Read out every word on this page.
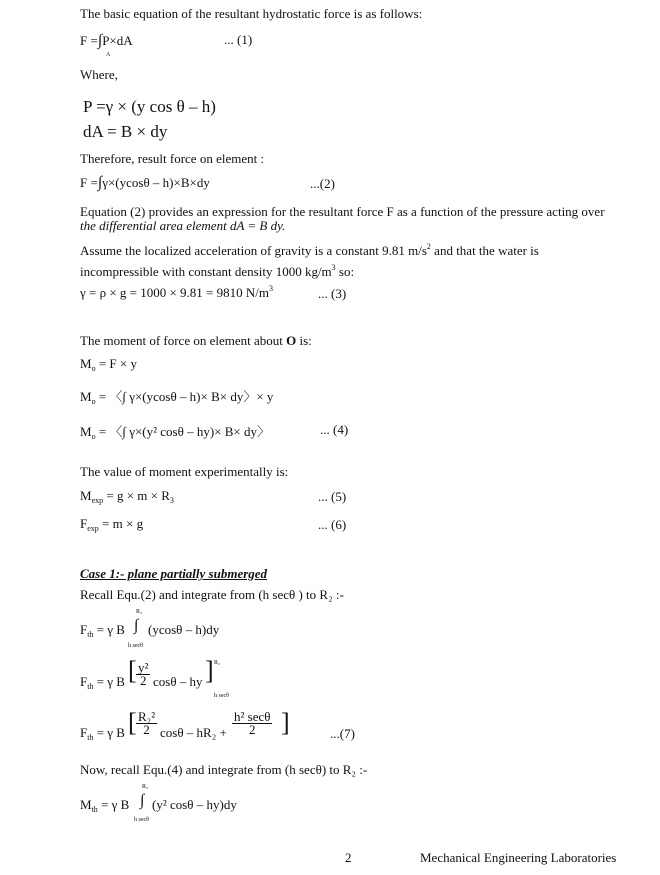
The basic equation of the resultant hydrostatic force is as follows:
F =∫P×dA
A
... (1)
Where,
P =γ × (y cos θ – h)
dA = B × dy
Therefore, result force on element :
F =∫γ×(ycosθ – h)×B×dy	...(2)
Equation (2) provides an expression for the resultant force F as a function of the pressure acting over
the differential area element dA = B dy.
Assume the localized acceleration of gravity is a constant 9.81 $m/s^2$ and that the water is
incompressible with constant density 1000 $kg/m^3$ so:
γ = ρ × g = 1000 × 9.81 = 9810 $N/m^3$	... (3)
The moment of force on element about O is:
$M_o = F \times y$
$M_o$ = 〈∫ γ×(ycosθ – h)× B× dy〉× y
$M_o$ = 〈∫ γ×(y² cosθ – hy)× B× dy〉	... (4)
The value of moment experimentally is:
$M_{exp} = g \times m \times R_3$	... (5)
$F_{exp} = m \times g$	... (6)
Case 1:- plane partially submerged
Recall Equ.(2) and integrate from (h secθ ) to R₂ :-
R₂
$F_{th} = \gamma$ B ∫ (ycosθ – h)dy
h secθ
$F_{th} = \gamma$ B [ $\frac{\text{y²}}{2}$ cosθ – hy ] R₂
h secθ
$F_{th} = \gamma$ B [ $\frac{\text{R₂²}}{2}$ $\cos\theta - hR_2 + \frac{\text{h² secθ}}{2}$ ]	...(7)
Now, recall Equ.(4) and integrate from (h secθ) to R₂ :-
R₂
$M_{th} = \gamma$ B ∫ (y² cosθ – hy)dy
h secθ
2	Mechanical Engineering Laboratories
